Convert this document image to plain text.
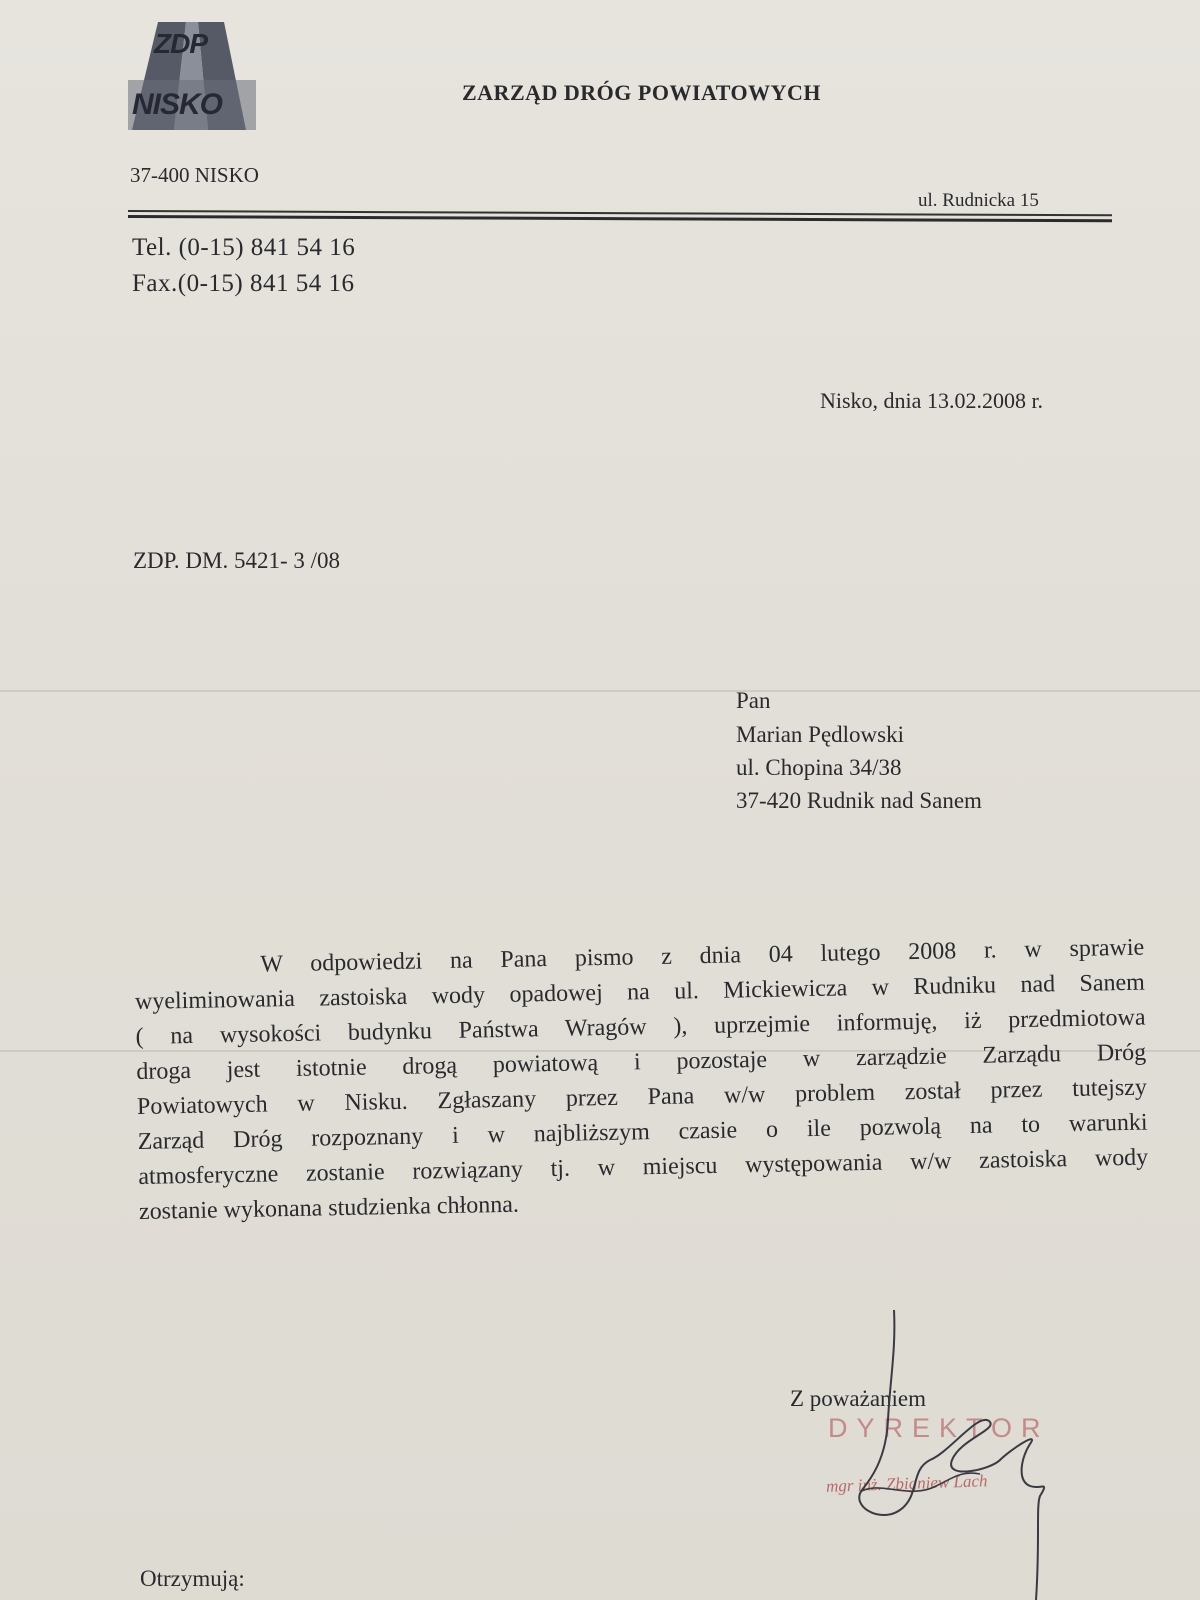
ZDP
NISKO	ZARZĄD DRÓG POWIATOWYCH
37-400 NISKO
ul. Rudnicka 15
Tel. (0-15) 841 54 16
Fax.(0-15) 841 54 16
Nisko, dnia 13.02.2008 r.
ZDP. DM. 5421- 3 /08
Pan
Marian Pędlowski
ul. Chopina 34/38
37-420 Rudnik nad Sanem
W odpowiedzi na Pana pismo z dnia 04 lutego 2008 r. w sprawie
wyeliminowania zastoiska wody opadowej na ul. Mickiewicza w Rudniku nad Sanem
( na wysokości budynku Państwa Wragów ), uprzejmie informuję, iż przedmiotowa
droga jest istotnie drogą powiatową i pozostaje w zarządzie Zarządu Dróg
Powiatowych w Nisku. Zgłaszany przez Pana w/w problem został przez tutejszy
Zarząd Dróg rozpoznany i w najbliższym czasie o ile pozwolą na to warunki
atmosferyczne zostanie rozwiązany tj. w miejscu występowania w/w zastoiska wody
zostanie wykonana studzienka chłonna.
Z poważaniem
DYREKTOR
mgr inż. Zbigniew Lach
Otrzymują:
